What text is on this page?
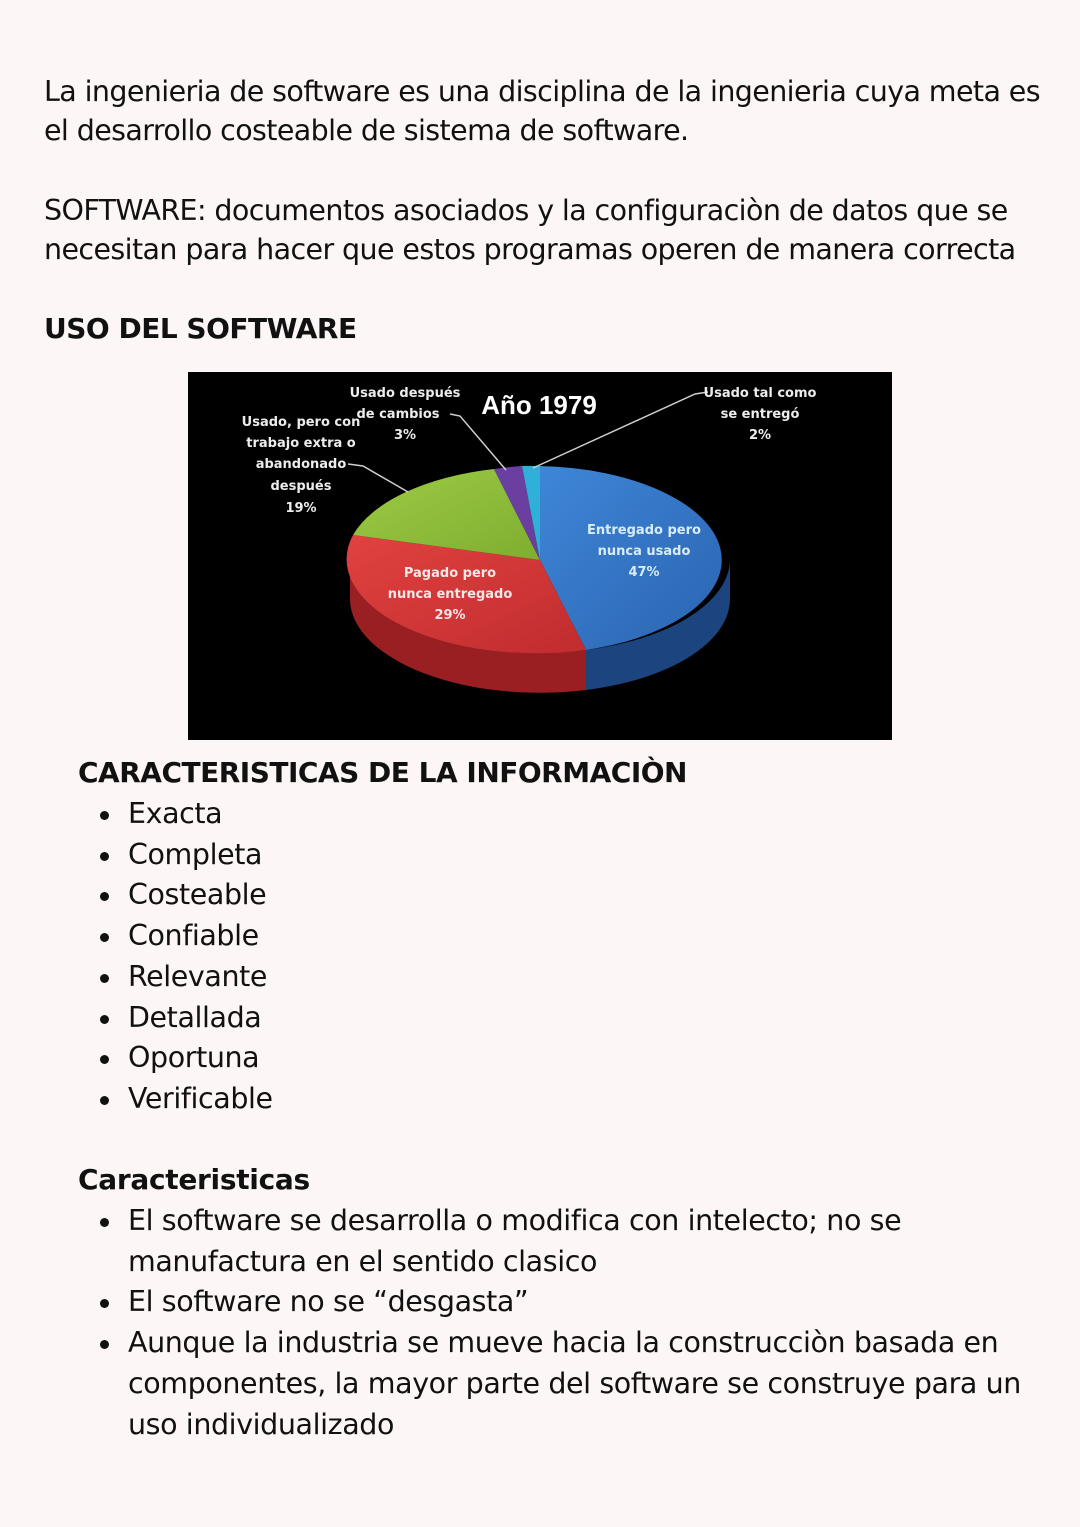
La ingenieria de software es una disciplina de la ingenieria cuya meta es el desarrollo costeable de sistema de software.

SOFTWARE: documentos asociados y la configuraciòn de datos que se necesitan para hacer que estos programas operen de manera correcta

USO DEL SOFTWARE
Año 1979
Usado después
de cambios
3%
Usado, pero con
trabajo extra o
abandonado
después
19%
Usado tal como
se entregó
2%
Entregado pero
nunca usado
47%
Pagado pero
nunca entregado
29%
CARACTERISTICAS DE LA INFORMACIÒN
Exacta
Completa
Costeable
Confiable
Relevante
Detallada
Oportuna
Verificable
Caracteristicas
El software se desarrolla o modifica con intelecto; no se manufactura en el sentido clasico
El software no se “desgasta”
Aunque la industria se mueve hacia la construcciòn basada en componentes, la mayor parte del software se construye para un uso individualizado
